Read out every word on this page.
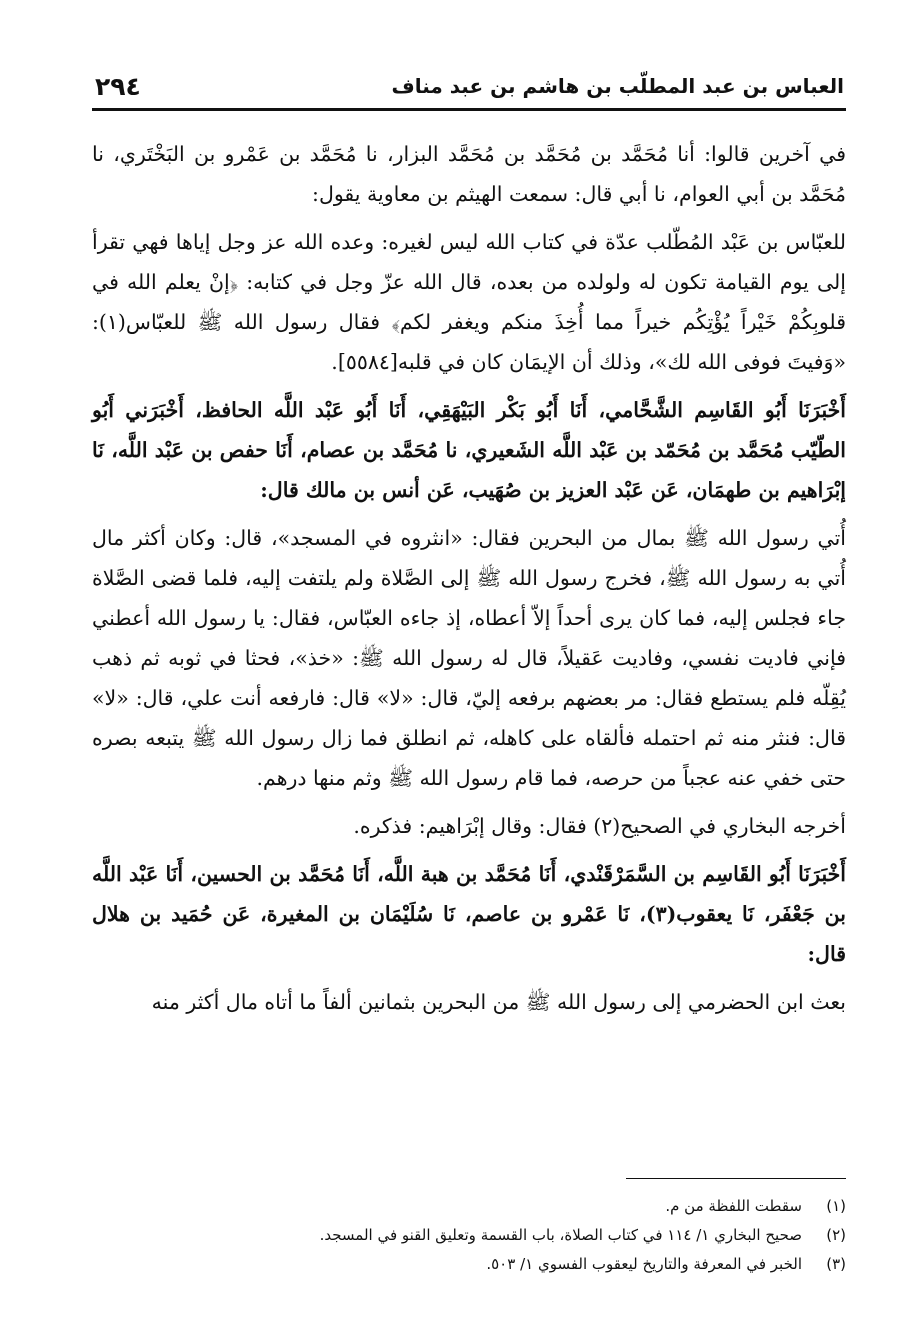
العباس بن عبد المطلّب بن هاشم بن عبد مناف
٢٩٤

في آخرين قالوا: أنا مُحَمَّد بن مُحَمَّد بن مُحَمَّد البزار، نا مُحَمَّد بن عَمْرو بن البَخْتَري، نا مُحَمَّد بن أبي العوام، نا أبي قال: سمعت الهيثم بن معاوية يقول:

للعبّاس بن عَبْد المُطّلب عدّة في كتاب الله ليس لغيره: وعده الله عز وجل إياها فهي تقرأ إلى يوم القيامة تكون له ولولده من بعده، قال الله عزّ وجل في كتابه: ﴿إنْ يعلم الله في قلوبِكُمْ خَيْراً يُؤْتِكُم خيراً مما أُخِذَ منكم ويغفر لكم﴾ فقال رسول الله ﷺ للعبّاس(١): «وَفيتَ فوفى الله لك»، وذلك أن الإيمَان كان في قلبه[٥٥٨٤].

أَخْبَرَنَا أَبُو القَاسِم الشَّحَّامي، أَنَا أَبُو بَكْر البَيْهَقِي، أَنَا أَبُو عَبْد اللَّه الحافظ، أَخْبَرَني أَبُو الطّيّب مُحَمَّد بن مُحَمّد بن عَبْد اللَّه الشَعيري، نا مُحَمَّد بن عصام، أَنَا حفص بن عَبْد اللَّه، نَا إبْرَاهيم بن طهمَان، عَن عَبْد العزيز بن صُهَيب، عَن أنس بن مالك قال:

أُتي رسول الله ﷺ بمال من البحرين فقال: «انثروه في المسجد»، قال: وكان أكثر مال أُتي به رسول الله ﷺ، فخرج رسول الله ﷺ إلى الصَّلاة ولم يلتفت إليه، فلما قضى الصَّلاة جاء فجلس إليه، فما كان يرى أحداً إلاّ أعطاه، إذ جاءه العبّاس، فقال: يا رسول الله أعطني فإني فاديت نفسي، وفاديت عَقيلاً، قال له رسول الله ﷺ: «خذ»، فحثا في ثوبه ثم ذهب يُقِلّه فلم يستطع فقال: مر بعضهم برفعه إليّ، قال: «لا» قال: فارفعه أنت علي، قال: «لا» قال: فنثر منه ثم احتمله فألقاه على كاهله، ثم انطلق فما زال رسول الله ﷺ يتبعه بصره حتى خفي عنه عجباً من حرصه، فما قام رسول الله ﷺ وثم منها درهم.

أخرجه البخاري في الصحيح(٢) فقال: وقال إبْرَاهيم: فذكره.

أَخْبَرَنَا أَبُو القَاسِم بن السَّمَرْقَنْدي، أَنَا مُحَمَّد بن هبة اللَّه، أَنَا مُحَمَّد بن الحسين، أَنَا عَبْد اللَّه بن جَعْفَر، نَا يعقوب(٣)، نَا عَمْرو بن عاصم، نَا سُلَيْمَان بن المغيرة، عَن حُمَيد بن هلال قال:

بعث ابن الحضرمي إلى رسول الله ﷺ من البحرين بثمانين ألفاً ما أتاه مال أكثر منه

(١)
سقطت اللفظة من م.
(٢)
صحيح البخاري ١/ ١١٤ في كتاب الصلاة، باب القسمة وتعليق القنو في المسجد.
(٣)
الخبر في المعرفة والتاريخ ليعقوب الفسوي ١/ ٥٠٣.
